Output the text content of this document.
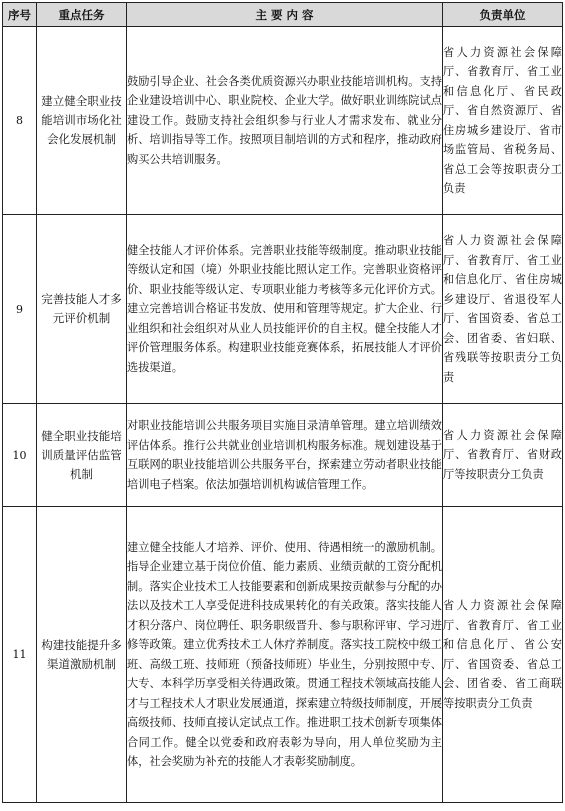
序号	重点任务	主 要 内 容	负责单位
8	建立健全职业技能培训市场化社会化发展机制	鼓励引导企业、社会各类优质资源兴办职业技能培训机构。支持企业建设培训中心、职业院校、企业大学。做好职业训练院试点建设工作。鼓励支持社会组织参与行业人才需求发布、就业分析、培训指导等工作。按照项目制培训的方式和程序，推动政府购买公共培训服务。	省人力资源社会保障厅、省教育厅、省工业和信息化厅、省民政厅、省自然资源厅、省住房城乡建设厅、省市场监管局、省税务局、省总工会等按职责分工负责
9	完善技能人才多元评价机制	健全技能人才评价体系。完善职业技能等级制度。推动职业技能等级认定和国（境）外职业技能比照认定工作。完善职业资格评价、职业技能等级认定、专项职业能力考核等多元化评价方式。建立完善培训合格证书发放、使用和管理等规定。扩大企业、行业组织和社会组织对从业人员技能评价的自主权。健全技能人才评价管理服务体系。构建职业技能竞赛体系，拓展技能人才评价选拔渠道。	省人力资源社会保障厅、省教育厅、省工业和信息化厅、省住房城乡建设厅、省退役军人厅、省国资委、省总工会、团省委、省妇联、省残联等按职责分工负责
10	健全职业技能培训质量评估监管机制	对职业技能培训公共服务项目实施目录清单管理。建立培训绩效评估体系。推行公共就业创业培训机构服务标准。规划建设基于互联网的职业技能培训公共服务平台，探索建立劳动者职业技能培训电子档案。依法加强培训机构诚信管理工作。	省人力资源社会保障厅、省教育厅、省财政厅等按职责分工负责
11	构建技能提升多渠道激励机制	建立健全技能人才培养、评价、使用、待遇相统一的激励机制。指导企业建立基于岗位价值、能力素质、业绩贡献的工资分配机制。落实企业技术工人技能要素和创新成果按贡献参与分配的办法以及技术工人享受促进科技成果转化的有关政策。落实技能人才积分落户、岗位聘任、职务职级晋升、参与职称评审、学习进修等政策。建立优秀技术工人休疗养制度。落实技工院校中级工班、高级工班、技师班（预备技师班）毕业生，分别按照中专、大专、本科学历享受相关待遇政策。贯通工程技术领域高技能人才与工程技术人才职业发展通道，探索建立特级技师制度，开展高级技师、技师直接认定试点工作。推进职工技术创新专项集体合同工作。健全以党委和政府表彰为导向，用人单位奖励为主体，社会奖励为补充的技能人才表彰奖励制度。	省人力资源社会保障厅、省教育厅、省工业和信息化厅、省公安厅、省国资委、省总工会、团省委、省工商联等按职责分工负责
